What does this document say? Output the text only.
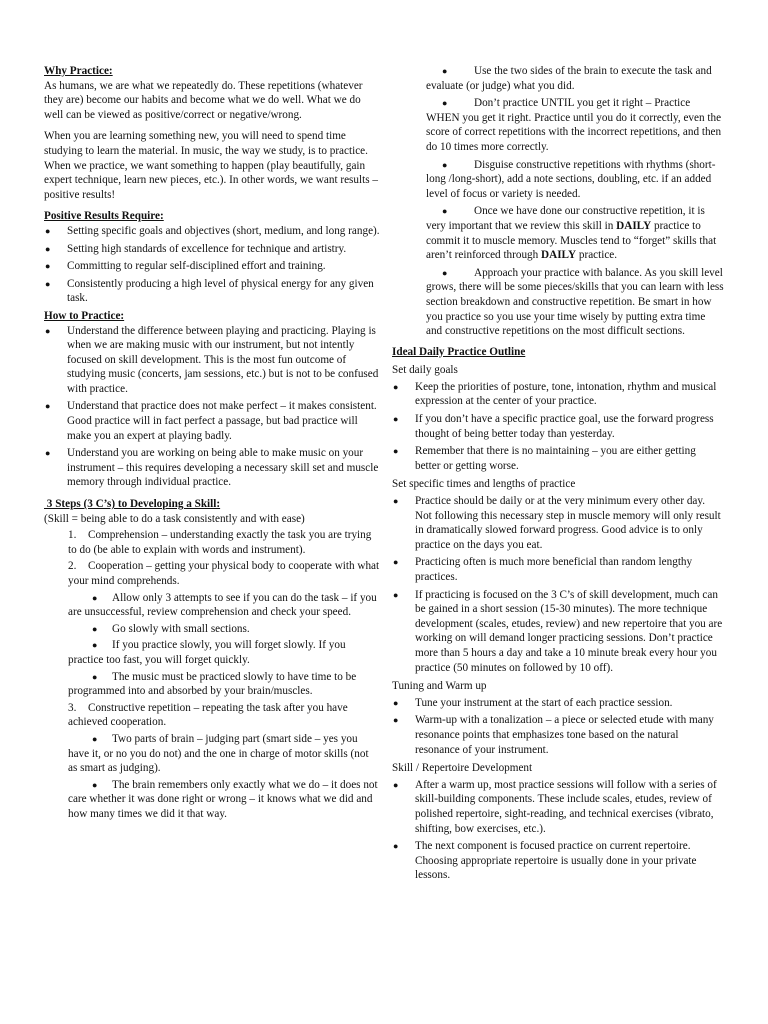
Why Practice:

As humans, we are what we repeatedly do. These repetitions (whatever they are) become our habits and become what we do well. What we do well can be viewed as positive/correct or negative/wrong.

When you are learning something new, you will need to spend time studying to learn the material. In music, the way we study, is to practice. When we practice, we want something to happen (play beautifully, gain expert technique, learn new pieces, etc.). In other words, we want results – positive results!

Positive Results Require:
● Setting specific goals and objectives (short, medium, and long range).
● Setting high standards of excellence for technique and artistry.
● Committing to regular self-disciplined effort and training.
● Consistently producing a high level of physical energy for any given task.
How to Practice:
● Understand the difference between playing and practicing. Playing is when we are making music with our instrument, but not intently focused on skill development. This is the most fun outcome of studying music (concerts, jam sessions, etc.) but is not to be confused with practice.
● Understand that practice does not make perfect – it makes consistent. Good practice will in fact perfect a passage, but bad practice will make you an expert at playing badly.
● Understand you are working on being able to make music on your instrument – this requires developing a necessary skill set and muscle memory through individual practice.
3 Steps (3 C’s) to Developing a Skill:

(Skill = being able to do a task consistently and with ease)

1. Comprehension – understanding exactly the task you are trying to do (be able to explain with words and instrument).
2. Cooperation – getting your physical body to cooperate with what your mind comprehends.
● Allow only 3 attempts to see if you can do the task – if you are unsuccessful, review comprehension and check your speed.
● Go slowly with small sections.
● If you practice slowly, you will forget slowly. If you practice too fast, you will forget quickly.
● The music must be practiced slowly to have time to be programmed into and absorbed by your brain/muscles.
3. Constructive repetition – repeating the task after you have achieved cooperation.
● Two parts of brain – judging part (smart side – yes you have it, or no you do not) and the one in charge of motor skills (not as smart as judging).
● The brain remembers only exactly what we do – it does not care whether it was done right or wrong – it knows what we did and how many times we did it that way.
● Use the two sides of the brain to execute the task and evaluate (or judge) what you did.
● Don’t practice UNTIL you get it right – Practice WHEN you get it right. Practice until you do it correctly, even the score of correct repetitions with the incorrect repetitions, and then do 10 times more correctly.
● Disguise constructive repetitions with rhythms (short-long /long-short), add a note sections, doubling, etc. if an added level of focus or variety is needed.
● Once we have done our constructive repetition, it is very important that we review this skill in DAILY practice to commit it to muscle memory. Muscles tend to “forget” skills that aren’t reinforced through DAILY practice.
● Approach your practice with balance. As you skill level grows, there will be some pieces/skills that you can learn with less section breakdown and constructive repetition. Be smart in how you practice so you use your time wisely by putting extra time and constructive repetitions on the most difficult sections.
Ideal Daily Practice Outline

Set daily goals

● Keep the priorities of posture, tone, intonation, rhythm and musical expression at the center of your practice.
● If you don’t have a specific practice goal, use the forward progress thought of being better today than yesterday.
● Remember that there is no maintaining – you are either getting better or getting worse.

Set specific times and lengths of practice

● Practice should be daily or at the very minimum every other day. Not following this necessary step in muscle memory will only result in dramatically slowed forward progress. Good advice is to only practice on the days you eat.
● Practicing often is much more beneficial than random lengthy practices.
● If practicing is focused on the 3 C’s of skill development, much can be gained in a short session (15-30 minutes). The more technique development (scales, etudes, review) and new repertoire that you are working on will demand longer practicing sessions. Don’t practice more than 5 hours a day and take a 10 minute break every hour you practice (50 minutes on followed by 10 off).

Tuning and Warm up

● Tune your instrument at the start of each practice session.
● Warm-up with a tonalization – a piece or selected etude with many resonance points that emphasizes tone based on the natural resonance of your instrument.

Skill / Repertoire Development

● After a warm up, most practice sessions will follow with a series of skill-building components. These include scales, etudes, review of polished repertoire, sight-reading, and technical exercises (vibrato, shifting, bow exercises, etc.).
● The next component is focused practice on current repertoire. Choosing appropriate repertoire is usually done in your private lessons.
